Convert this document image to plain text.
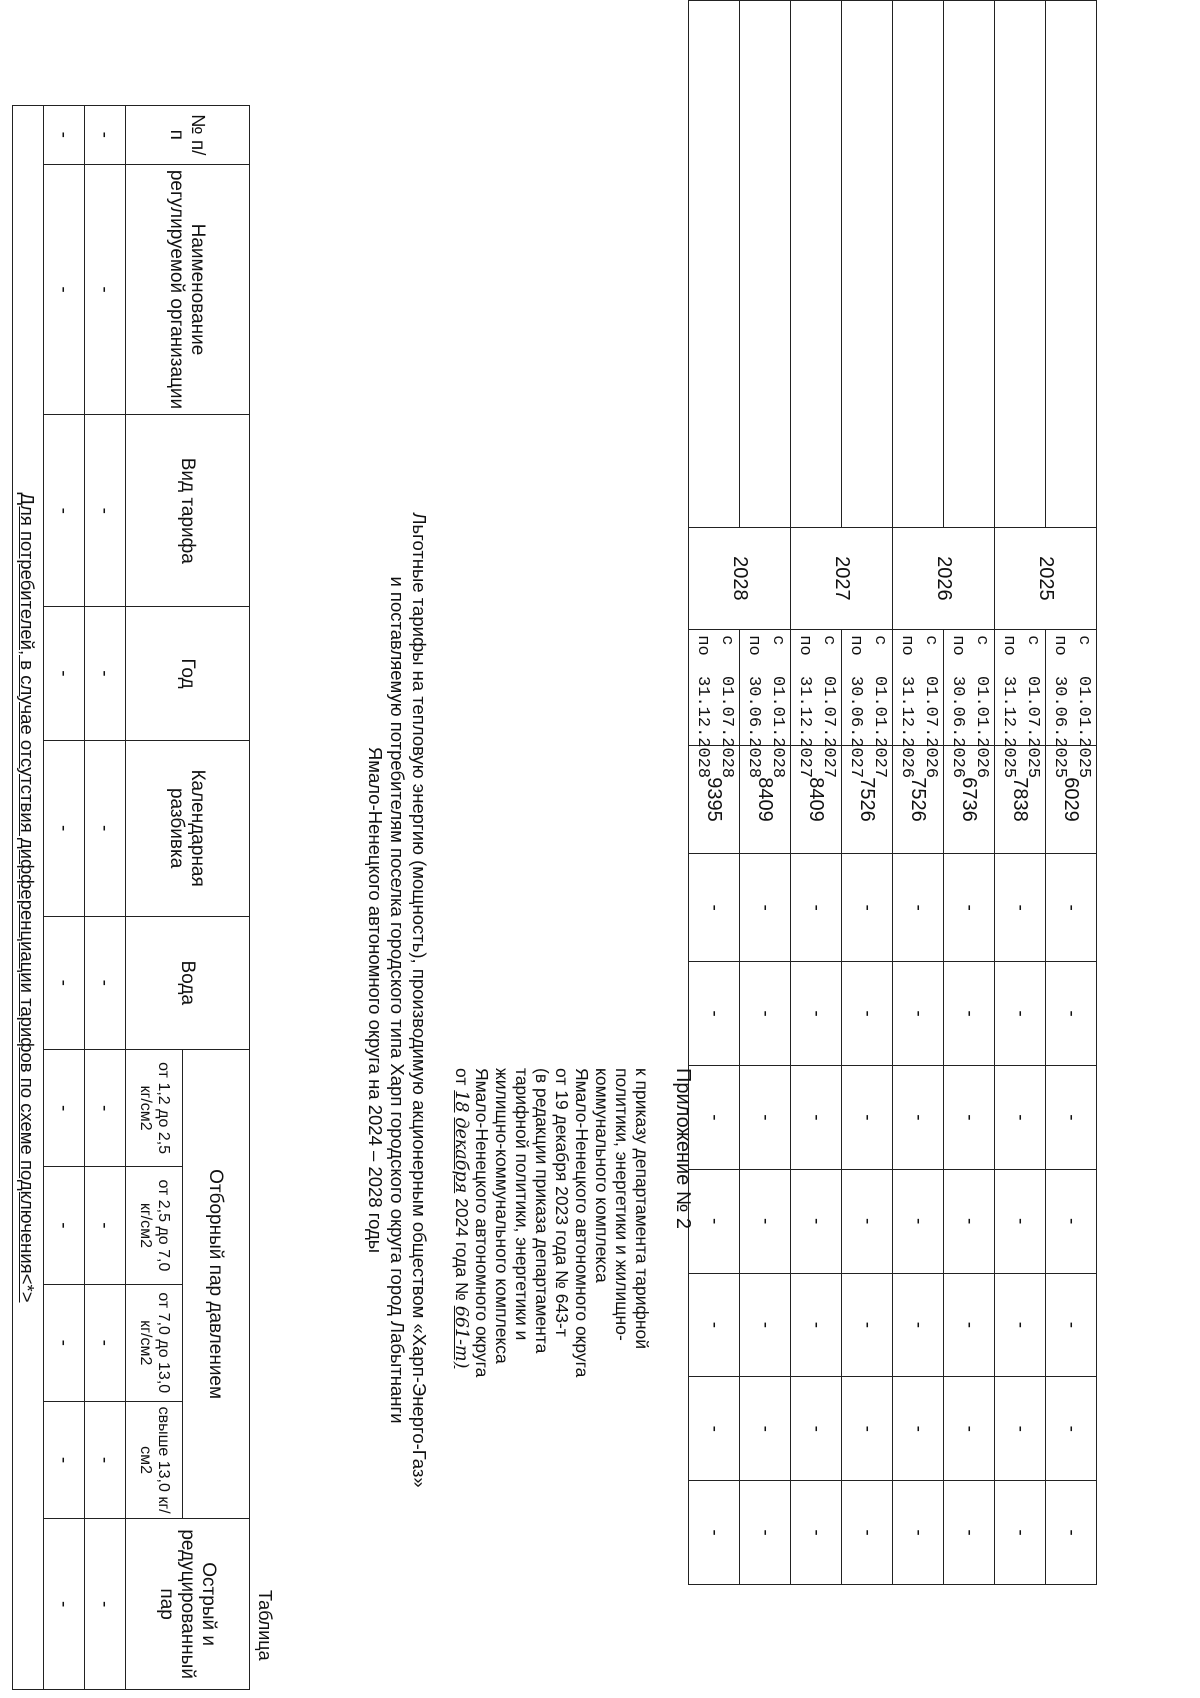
	2025	с   01.01.2025
по  30.06.2025	6029	-	-	-	-	-	-	-

		с   01.07.2025
по  31.12.2025	7838	-	-	-	-	-	-	-
	2026	с   01.01.2026
по  30.06.2026	6736	-	-	-	-	-	-	-

		с   01.07.2026
по  31.12.2026	7526	-	-	-	-	-	-	-
	2027	с   01.01.2027
по  30.06.2027	7526	-	-	-	-	-	-	-

		с   01.07.2027
по  31.12.2027	8409	-	-	-	-	-	-	-
	2028	с   01.01.2028
по  30.06.2028	8409	-	-	-	-	-	-	-

		с   01.07.2028
по  31.12.2028	9395	-	-	-	-	-	-	-
Приложение № 2
к приказу департамента тарифной
политики, энергетики и жилищно-
коммунального комплекса
Ямало-Ненецкого автономного округа
от 19 декабря 2023 года № 643-т
(в редакции приказа департамента
тарифной политики, энергетики и
жилищно-коммунального комплекса
Ямало-Ненецкого автономного округа
от 18 декабря 2024 года № 661-т)
Льготные тарифы на тепловую энергию (мощность), производимую акционерным обществом «Харп-Энерго-Газ»
и поставляемую потребителям поселка городского типа Харп городского округа город Лабытнанги
Ямало-Ненецкого автономного округа на 2024 – 2028 годы
Таблица
№ п/п	Наименование регулируемой организации	Вид тарифа	Год	Календарная разбивка	Вода	Отборный пар давлением				Острый и редуцированный пар
						от 1,2 до 2,5 кг/см2	от 2,5 до 7,0 кг/см2	от 7,0 до 13,0 кг/см2	свыше 13,0 кг/см2	
-	-	-	-	-	-	-	-	-	-	-
-	-	-	-	-	-	-	-	-	-	-
Для потребителей, в случае отсутствия дифференциации тарифов по схеме подключения<*>										
